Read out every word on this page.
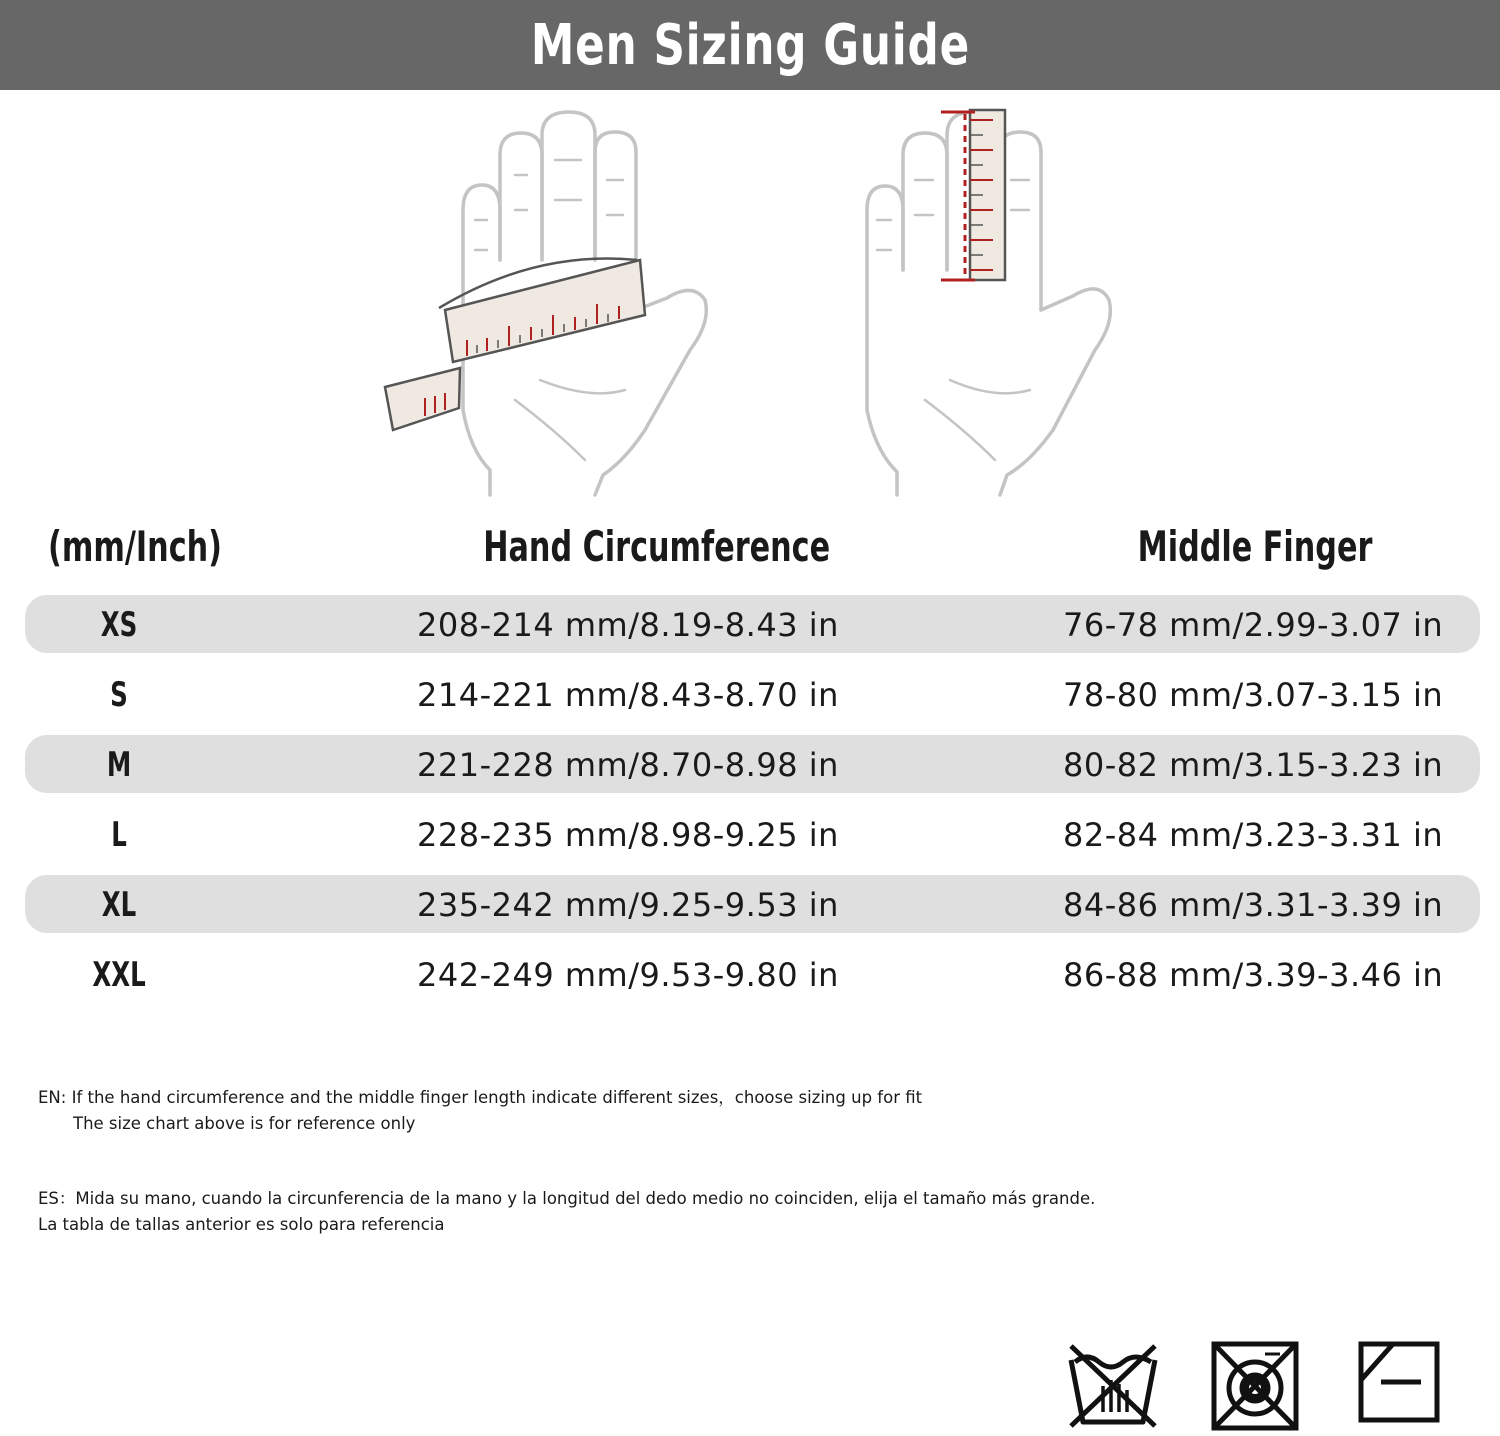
Men Sizing Guide
(mm/Inch)	Hand Circumference	Middle Finger
XS	208-214 mm/8.19-8.43 in	76-78 mm/2.99-3.07 in
S	214-221 mm/8.43-8.70 in	78-80 mm/3.07-3.15 in
M	221-228 mm/8.70-8.98 in	80-82 mm/3.15-3.23 in
L	228-235 mm/8.98-9.25 in	82-84 mm/3.23-3.31 in
XL	235-242 mm/9.25-9.53 in	84-86 mm/3.31-3.39 in
XXL	242-249 mm/9.53-9.80 in	86-88 mm/3.39-3.46 in
EN: If the hand circumference and the middle finger length indicate different sizes，choose sizing up for fit
The size chart above is for reference only
ES：Mida su mano, cuando la circunferencia de la mano y la longitud del dedo medio no coinciden, elija el tamaño más grande.
La tabla de tallas anterior es solo para referencia
